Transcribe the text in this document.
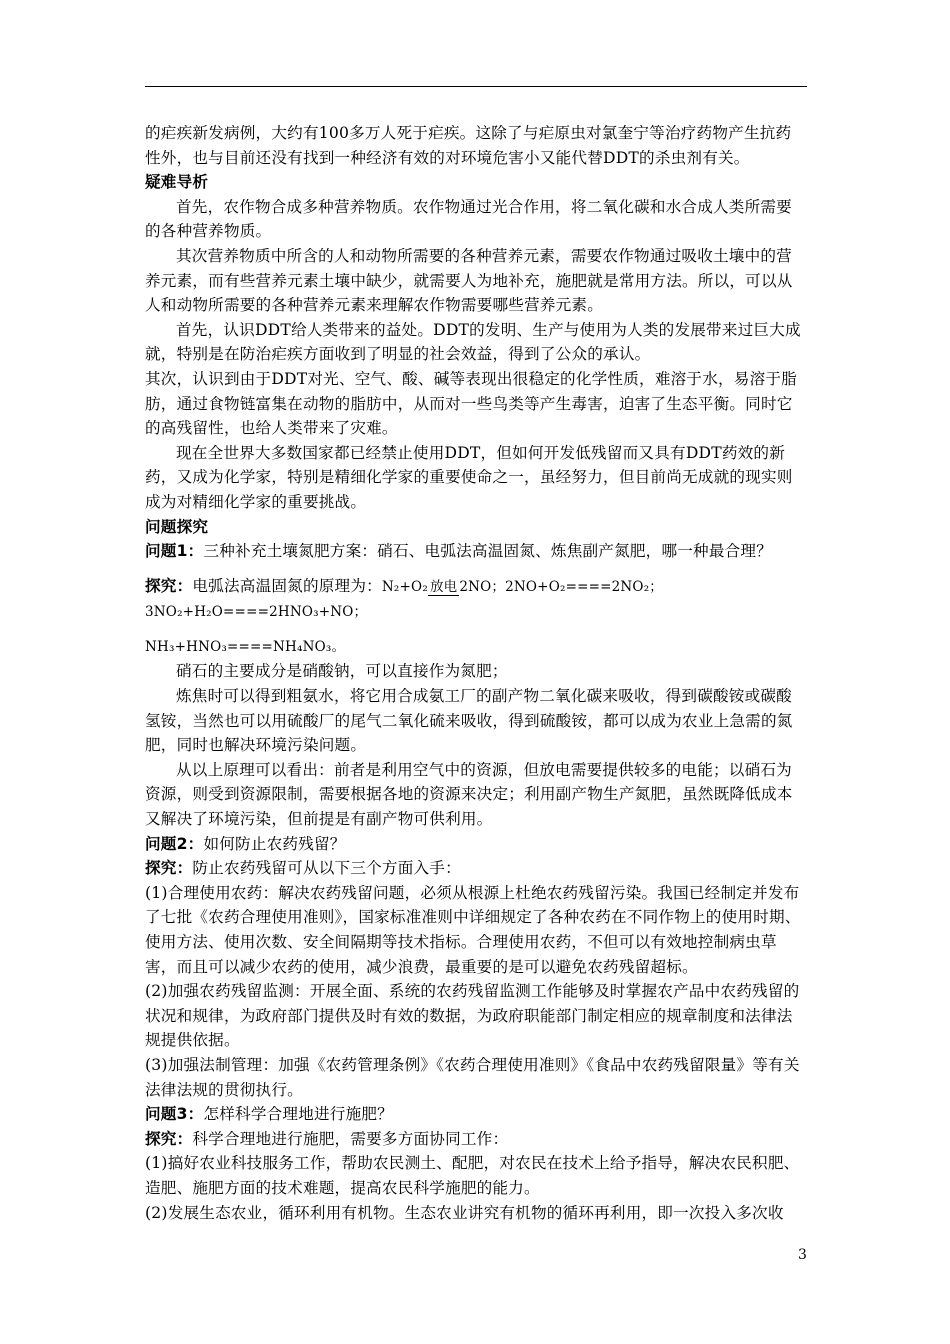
的疟疾新发病例，大约有100多万人死于疟疾。这除了与疟原虫对氯奎宁等治疗药物产生抗药性外，也与目前还没有找到一种经济有效的对环境危害小又能代替DDT的杀虫剂有关。

疑难导析

首先，农作物合成多种营养物质。农作物通过光合作用，将二氧化碳和水合成人类所需要的各种营养物质。

其次营养物质中所含的人和动物所需要的各种营养元素，需要农作物通过吸收土壤中的营养元素，而有些营养元素土壤中缺少，就需要人为地补充，施肥就是常用方法。所以，可以从人和动物所需要的各种营养元素来理解农作物需要哪些营养元素。

首先，认识DDT给人类带来的益处。DDT的发明、生产与使用为人类的发展带来过巨大成就，特别是在防治疟疾方面收到了明显的社会效益，得到了公众的承认。

其次，认识到由于DDT对光、空气、酸、碱等表现出很稳定的化学性质，难溶于水，易溶于脂肪，通过食物链富集在动物的脂肪中，从而对一些鸟类等产生毒害，迫害了生态平衡。同时它的高残留性，也给人类带来了灾难。

现在全世界大多数国家都已经禁止使用DDT，但如何开发低残留而又具有DDT药效的新药，又成为化学家，特别是精细化学家的重要使命之一，虽经努力，但目前尚无成就的现实则成为对精细化学家的重要挑战。

问题探究

问题1：三种补充土壤氮肥方案：硝石、电弧法高温固氮、炼焦副产氮肥，哪一种最合理？

探究：电弧法高温固氮的原理为：N₂+O₂ 放电 2NO；2NO+O₂====2NO₂；3NO₂+H₂O====2HNO₃+NO；

NH₃+HNO₃====NH₄NO₃。

硝石的主要成分是硝酸钠，可以直接作为氮肥；

炼焦时可以得到粗氨水，将它用合成氨工厂的副产物二氧化碳来吸收，得到碳酸铵或碳酸氢铵，当然也可以用硫酸厂的尾气二氧化硫来吸收，得到硫酸铵，都可以成为农业上急需的氮肥，同时也解决环境污染问题。

从以上原理可以看出：前者是利用空气中的资源，但放电需要提供较多的电能；以硝石为资源，则受到资源限制，需要根据各地的资源来决定；利用副产物生产氮肥，虽然既降低成本又解决了环境污染，但前提是有副产物可供利用。

问题2：如何防止农药残留？

探究：防止农药残留可从以下三个方面入手：

(1)合理使用农药：解决农药残留问题，必须从根源上杜绝农药残留污染。我国已经制定并发布了七批《农药合理使用准则》，国家标准准则中详细规定了各种农药在不同作物上的使用时期、使用方法、使用次数、安全间隔期等技术指标。合理使用农药，不但可以有效地控制病虫草害，而且可以减少农药的使用，减少浪费，最重要的是可以避免农药残留超标。

(2)加强农药残留监测：开展全面、系统的农药残留监测工作能够及时掌握农产品中农药残留的状况和规律，为政府部门提供及时有效的数据，为政府职能部门制定相应的规章制度和法律法规提供依据。

(3)加强法制管理：加强《农药管理条例》《农药合理使用准则》《食品中农药残留限量》等有关法律法规的贯彻执行。

问题3：怎样科学合理地进行施肥？

探究：科学合理地进行施肥，需要多方面协同工作：

(1)搞好农业科技服务工作，帮助农民测土、配肥，对农民在技术上给予指导，解决农民积肥、造肥、施肥方面的技术难题，提高农民科学施肥的能力。

(2)发展生态农业，循环利用有机物。生态农业讲究有机物的循环再利用，即一次投入多次收

3
